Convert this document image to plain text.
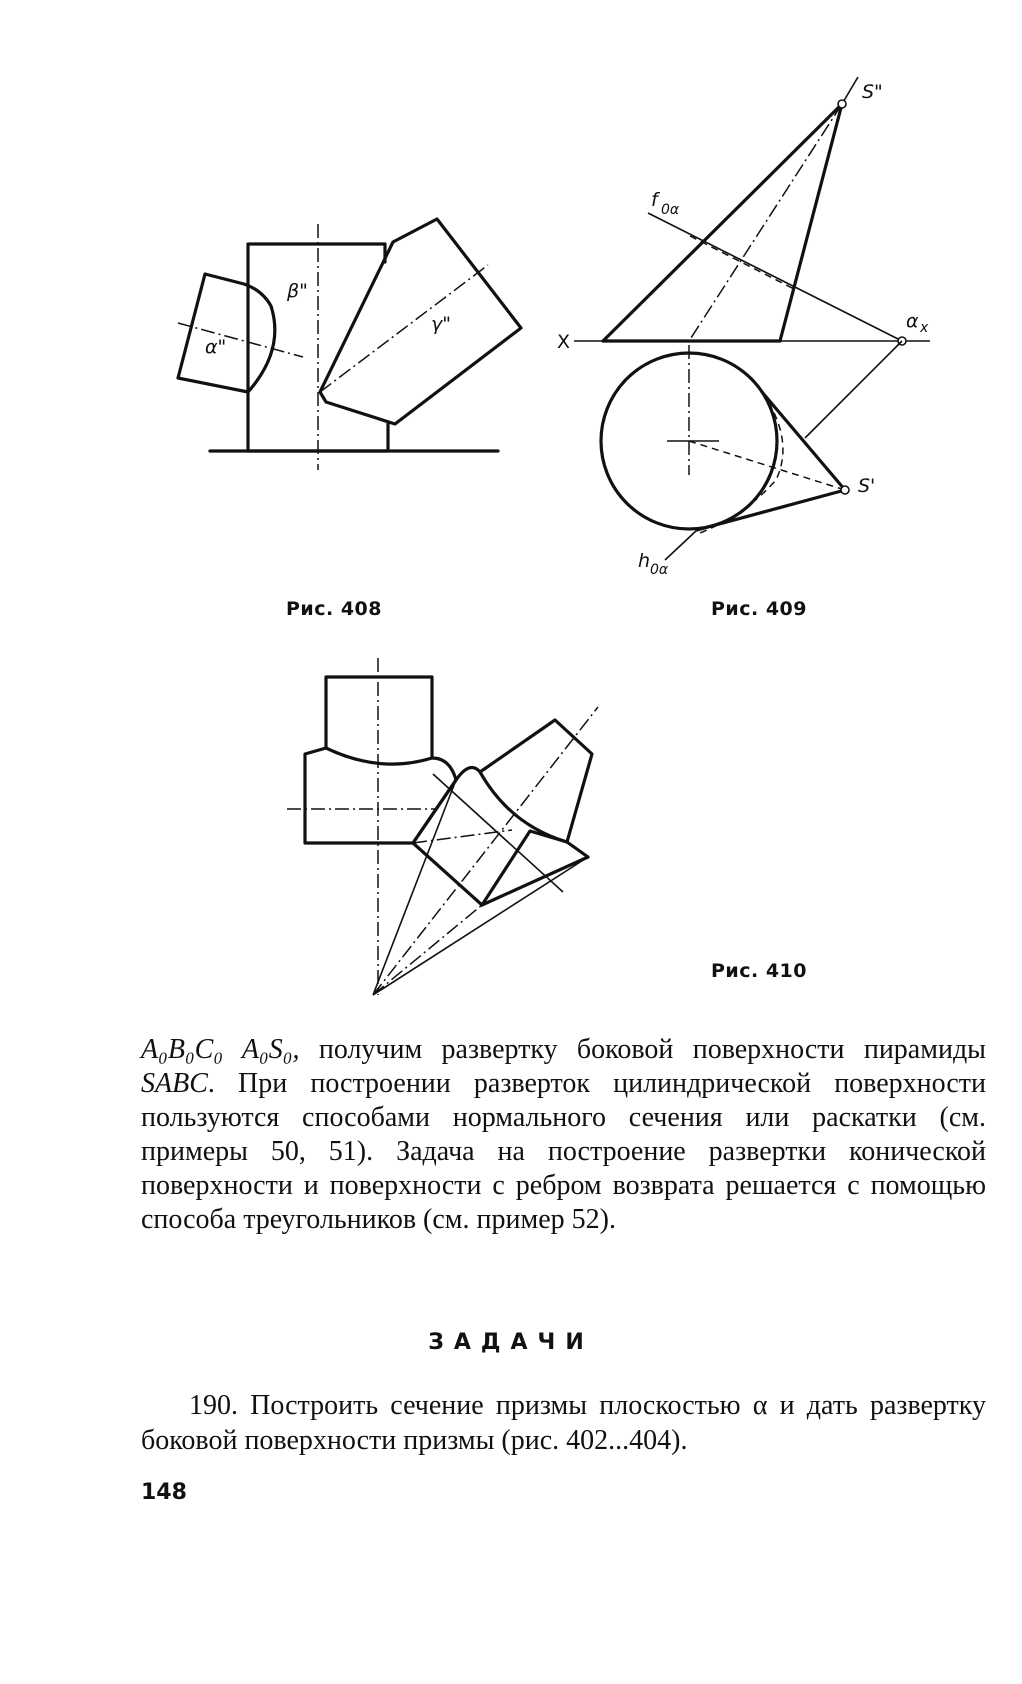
β"
α"
γ"
Рис. 408
X
S"
S'
f 0α
α x
h 0α
Рис. 409
Рис. 410
A₀B₀C₀ A₀S₀, получим развертку боковой поверхности пирамиды SABC. При построении разверток цилиндрической поверхности пользуются способами нормального сечения или раскатки (см. примеры 50, 51). Задача на построение развертки конической поверхности и поверхности с ребром возврата решается с помощью способа треугольников (см. пример 52).
ЗАДАЧИ
190. Построить сечение призмы плоскостью α и дать развертку боковой поверхности призмы (рис. 402...404).
148
